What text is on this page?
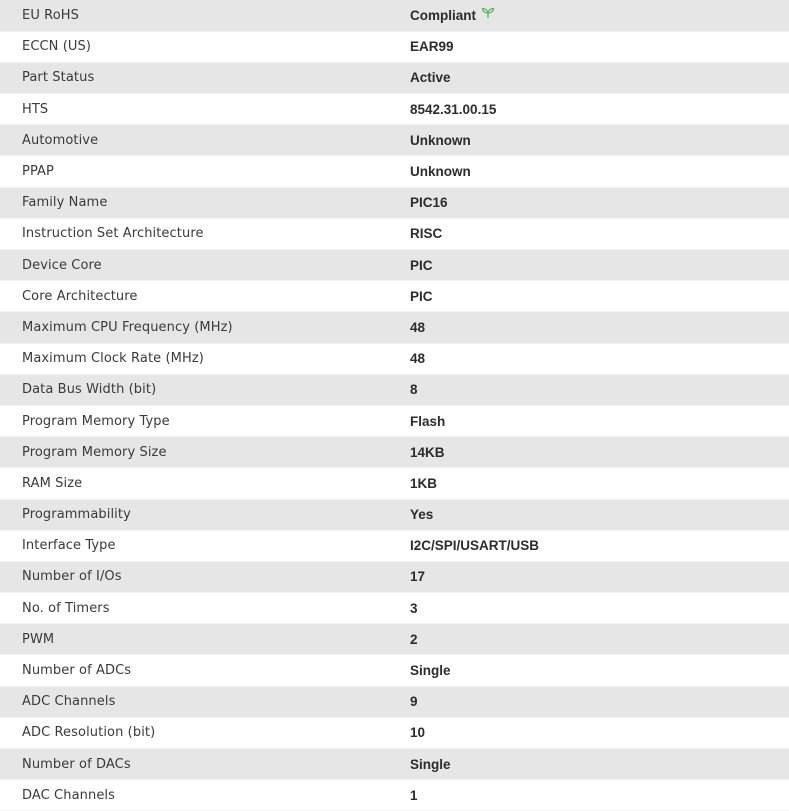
EU RoHS	Compliant
ECCN (US)	EAR99
Part Status	Active
HTS	8542.31.00.15
Automotive	Unknown
PPAP	Unknown
Family Name	PIC16
Instruction Set Architecture	RISC
Device Core	PIC
Core Architecture	PIC
Maximum CPU Frequency (MHz)	48
Maximum Clock Rate (MHz)	48
Data Bus Width (bit)	8
Program Memory Type	Flash
Program Memory Size	14KB
RAM Size	1KB
Programmability	Yes
Interface Type	I2C/SPI/USART/USB
Number of I/Os	17
No. of Timers	3
PWM	2
Number of ADCs	Single
ADC Channels	9
ADC Resolution (bit)	10
Number of DACs	Single
DAC Channels	1
